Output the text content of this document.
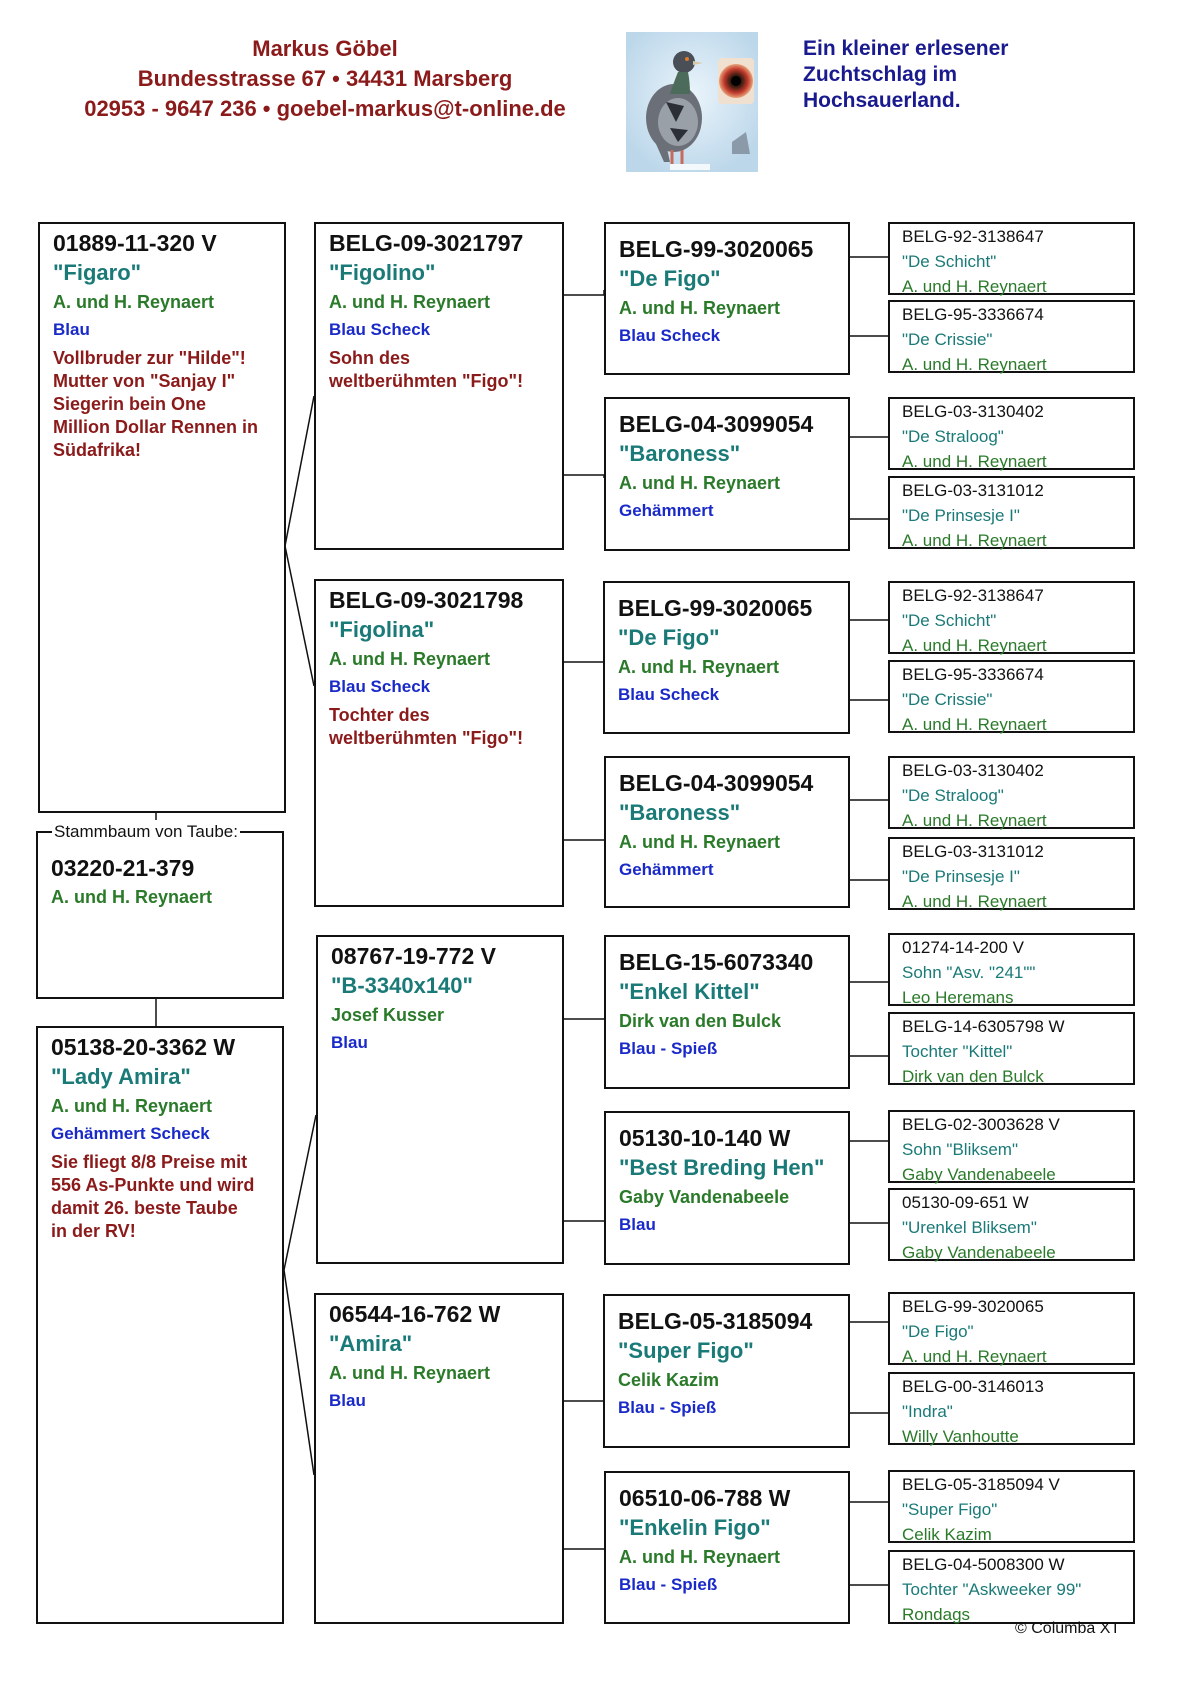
Markus Göbel
Bundesstrasse 67 • 34431 Marsberg
02953 - 9647 236 • goebel-markus@t-online.de
Ein kleiner erlesener
Zuchtschlag im
Hochsauerland.
01889-11-320 V
"Figaro"
A. und H. Reynaert
Blau
Vollbruder zur "Hilde"!
Mutter von "Sanjay I"
Siegerin bein One
Million Dollar Rennen in
Südafrika!
Stammbaum von Taube:
03220-21-379
A. und H. Reynaert
05138-20-3362 W
"Lady Amira"
A. und H. Reynaert
Gehämmert Scheck
Sie fliegt 8/8 Preise mit
556 As-Punkte und wird
damit 26. beste Taube
in der RV!
BELG-09-3021797
"Figolino"
A. und H. Reynaert
Blau Scheck
Sohn des
weltberühmten "Figo"!
BELG-09-3021798
"Figolina"
A. und H. Reynaert
Blau Scheck
Tochter des
weltberühmten "Figo"!
08767-19-772 V
"B-3340x140"
Josef Kusser
Blau
06544-16-762 W
"Amira"
A. und H. Reynaert
Blau
BELG-99-3020065
"De Figo"
A. und H. Reynaert
Blau Scheck
BELG-04-3099054
"Baroness"
A. und H. Reynaert
Gehämmert
BELG-99-3020065
"De Figo"
A. und H. Reynaert
Blau Scheck
BELG-04-3099054
"Baroness"
A. und H. Reynaert
Gehämmert
BELG-15-6073340
"Enkel Kittel"
Dirk van den Bulck
Blau - Spieß
05130-10-140 W
"Best Breding Hen"
Gaby Vandenabeele
Blau
BELG-05-3185094
"Super Figo"
Celik Kazim
Blau - Spieß
06510-06-788 W
"Enkelin Figo"
A. und H. Reynaert
Blau - Spieß
BELG-92-3138647
"De Schicht"
A. und H. Reynaert
BELG-95-3336674
"De Crissie"
A. und H. Reynaert
BELG-03-3130402
"De Straloog"
A. und H. Reynaert
BELG-03-3131012
"De Prinsesje I"
A. und H. Reynaert
BELG-92-3138647
"De Schicht"
A. und H. Reynaert
BELG-95-3336674
"De Crissie"
A. und H. Reynaert
BELG-03-3130402
"De Straloog"
A. und H. Reynaert
BELG-03-3131012
"De Prinsesje I"
A. und H. Reynaert
01274-14-200 V
Sohn "Asv. "241""
Leo Heremans
BELG-14-6305798 W
Tochter "Kittel"
Dirk van den Bulck
BELG-02-3003628 V
Sohn "Bliksem"
Gaby Vandenabeele
05130-09-651 W
"Urenkel Bliksem"
Gaby Vandenabeele
BELG-99-3020065
"De Figo"
A. und H. Reynaert
BELG-00-3146013
"Indra"
Willy Vanhoutte
BELG-05-3185094 V
"Super Figo"
Celik Kazim
BELG-04-5008300 W
Tochter "Askweeker 99"
Rondags
© Columba XT
